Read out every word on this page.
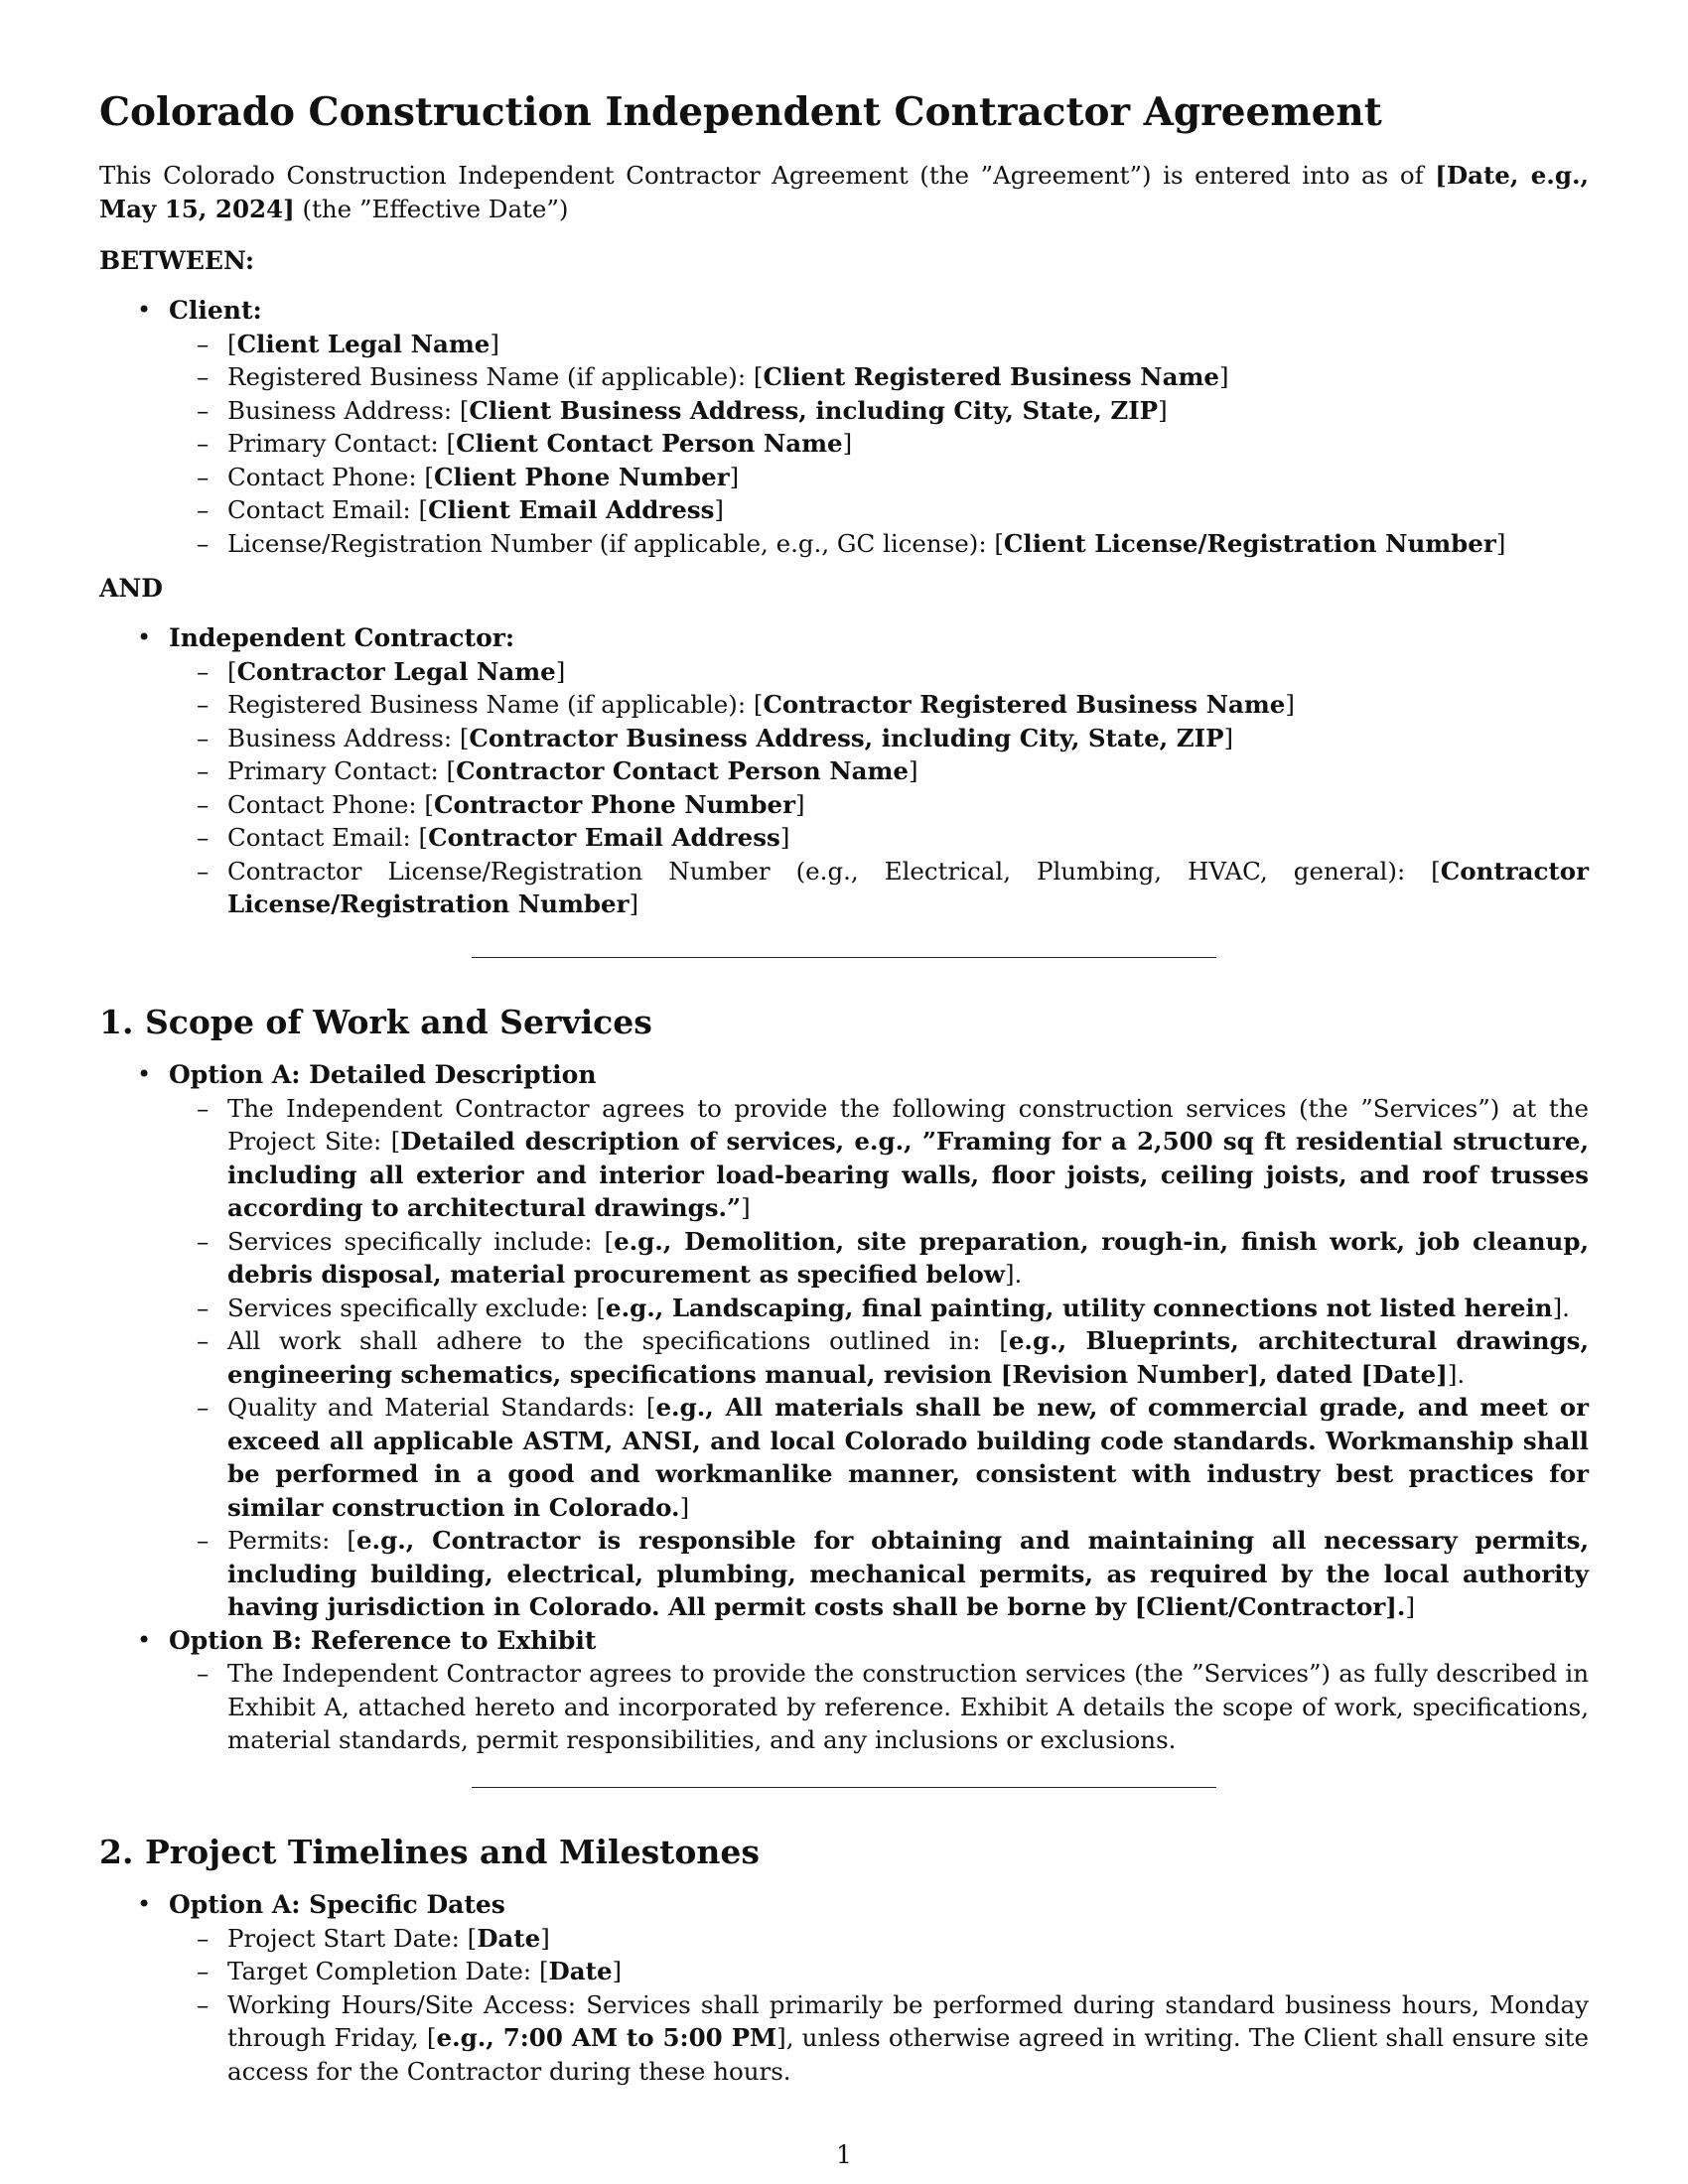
Colorado Construction Independent Contractor Agreement

This Colorado Construction Independent Contractor Agreement (the ”Agreement”) is entered into as of [Date, e.g., May 15, 2024] (the ”Effective Date”)

BETWEEN:

• Client:
– [Client Legal Name]
– Registered Business Name (if applicable): [Client Registered Business Name]
– Business Address: [Client Business Address, including City, State, ZIP]
– Primary Contact: [Client Contact Person Name]
– Contact Phone: [Client Phone Number]
– Contact Email: [Client Email Address]
– License/Registration Number (if applicable, e.g., GC license): [Client License/Registration Number]

AND

• Independent Contractor:
– [Contractor Legal Name]
– Registered Business Name (if applicable): [Contractor Registered Business Name]
– Business Address: [Contractor Business Address, including City, State, ZIP]
– Primary Contact: [Contractor Contact Person Name]
– Contact Phone: [Contractor Phone Number]
– Contact Email: [Contractor Email Address]
– Contractor License/Registration Number (e.g., Electrical, Plumbing, HVAC, general): [Contractor License/Registration Number]
1. Scope of Work and Services
• Option A: Detailed Description
– The Independent Contractor agrees to provide the following construction services (the ”Services”) at the Project Site: [Detailed description of services, e.g., ”Framing for a 2,500 sq ft residential structure, including all exterior and interior load-bearing walls, floor joists, ceiling joists, and roof trusses according to architectural drawings.”]
– Services specifically include: [e.g., Demolition, site preparation, rough-in, finish work, job cleanup, debris disposal, material procurement as specified below].
– Services specifically exclude: [e.g., Landscaping, final painting, utility connections not listed herein].
– All work shall adhere to the specifications outlined in: [e.g., Blueprints, architectural drawings, engineering schematics, specifications manual, revision [Revision Number], dated [Date]].
– Quality and Material Standards: [e.g., All materials shall be new, of commercial grade, and meet or exceed all applicable ASTM, ANSI, and local Colorado building code standards. Workmanship shall be performed in a good and workmanlike manner, consistent with industry best practices for similar construction in Colorado.]
– Permits: [e.g., Contractor is responsible for obtaining and maintaining all necessary permits, including building, electrical, plumbing, mechanical permits, as required by the local authority having jurisdiction in Colorado. All permit costs shall be borne by [Client/Contractor].]
• Option B: Reference to Exhibit
– The Independent Contractor agrees to provide the construction services (the ”Services”) as fully described in Exhibit A, attached hereto and incorporated by reference. Exhibit A details the scope of work, specifications, material standards, permit responsibilities, and any inclusions or exclusions.
2. Project Timelines and Milestones
• Option A: Specific Dates
– Project Start Date: [Date]
– Target Completion Date: [Date]
– Working Hours/Site Access: Services shall primarily be performed during standard business hours, Monday through Friday, [e.g., 7:00 AM to 5:00 PM], unless otherwise agreed in writing. The Client shall ensure site access for the Contractor during these hours.
1
